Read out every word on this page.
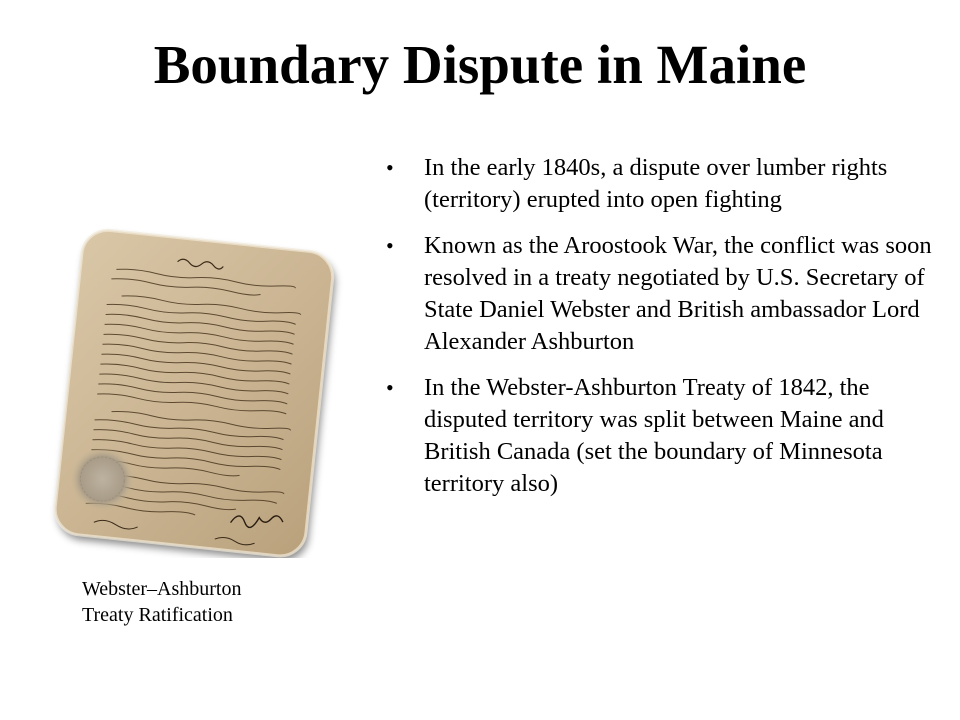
Boundary Dispute in Maine
Webster–Ashburton
Treaty Ratification
• In the early 1840s, a dispute over lumber rights (territory) erupted into open fighting
• Known as the Aroostook War, the conflict was soon resolved in a treaty negotiated by U.S. Secretary of State Daniel Webster and British ambassador Lord Alexander Ashburton
• In the Webster-Ashburton Treaty of 1842, the disputed territory was split between Maine and British Canada (set the boundary of Minnesota territory also)
